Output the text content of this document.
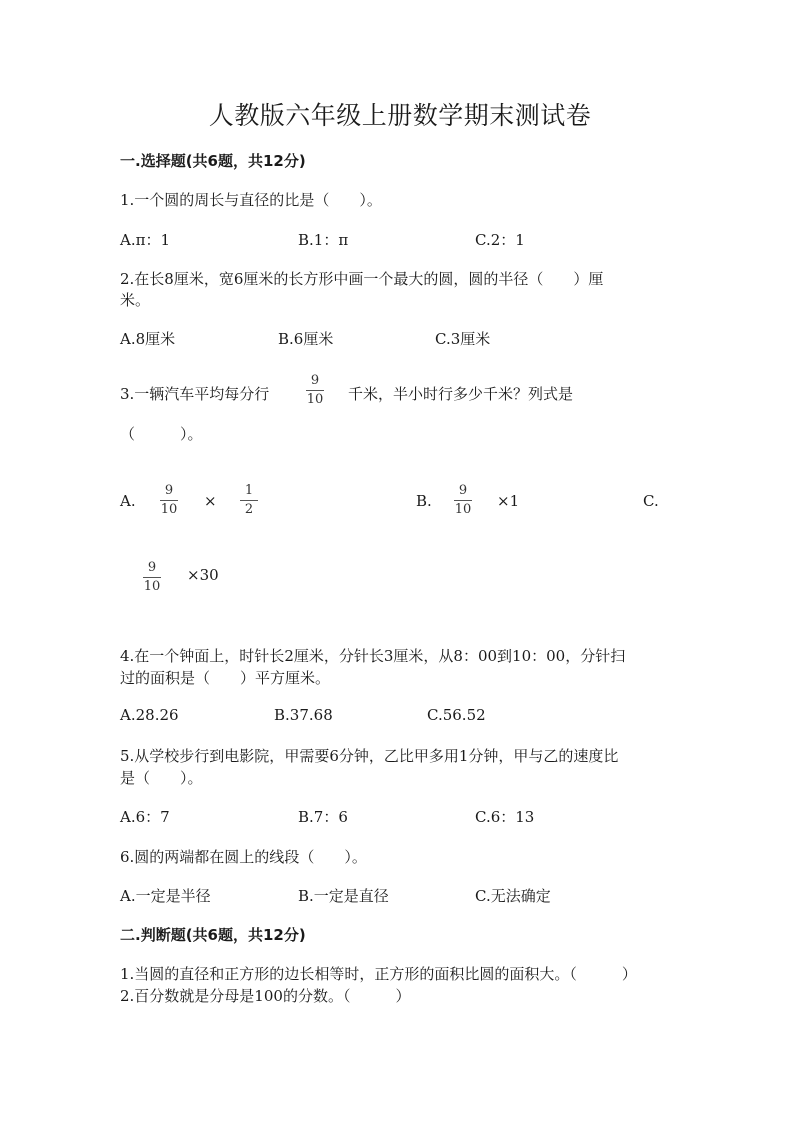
人教版六年级上册数学期末测试卷
一.选择题(共6题，共12分)
1.一个圆的周长与直径的比是（　　）。
A.π：1	B.1：π	C.2：1
2.在长8厘米，宽6厘米的长方形中画一个最大的圆，圆的半径（　　）厘
米。
A.8厘米	B.6厘米	C.3厘米
3.一辆汽车平均每分行
9
10 千米，半小时行多少千米？列式是
（　　　）。
A.
9
10 ×
1
2	B.
9
10 ×1	C.
9
10
×30
4.在一个钟面上，时针长2厘米，分针长3厘米，从8：00到10：00，分针扫
过的面积是（　　）平方厘米。
A.28.26	B.37.68	C.56.52
5.从学校步行到电影院，甲需要6分钟，乙比甲多用1分钟，甲与乙的速度比
是（　　）。
A.6：7	B.7：6	C.6：13
6.圆的两端都在圆上的线段（　　）。
A.一定是半径	B.一定是直径	C.无法确定
二.判断题(共6题，共12分)
1.当圆的直径和正方形的边长相等时，正方形的面积比圆的面积大。（　　　）
2.百分数就是分母是100的分数。（　　　）
